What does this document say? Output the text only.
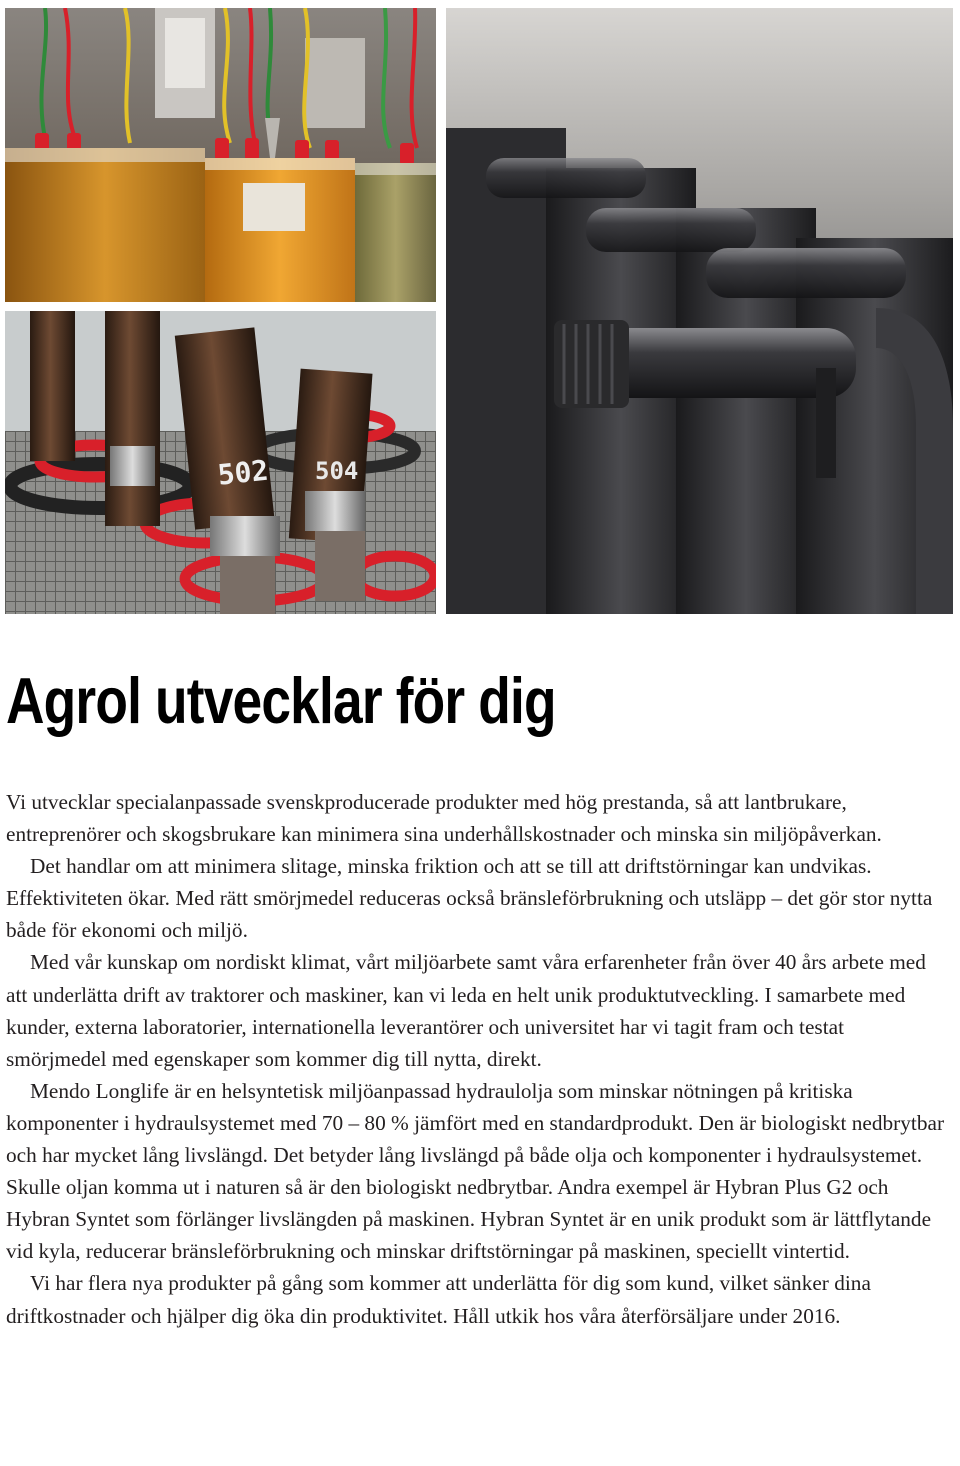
502 504
Agrol utvecklar för dig

Vi utvecklar specialanpassade svenskproducerade produkter med hög prestanda, så att lantbrukare, entreprenörer och skogsbrukare kan minimera sina underhållskostnader och minska sin miljöpåverkan.

Det handlar om att minimera slitage, minska friktion och att se till att driftstörningar kan undvikas. Effektiviteten ökar. Med rätt smörjmedel reduceras också bränsleförbrukning och utsläpp – det gör stor nytta både för ekonomi och miljö.

Med vår kunskap om nordiskt klimat, vårt miljöarbete samt våra erfarenheter från över 40 års arbete med att underlätta drift av traktorer och maskiner, kan vi leda en helt unik produktutveckling. I samarbete med kunder, externa laboratorier, internationella leverantörer och universitet har vi tagit fram och testat smörjmedel med egenskaper som kommer dig till nytta, direkt.

Mendo Longlife är en helsyntetisk miljöanpassad hydraulolja som minskar nötningen på kritiska komponenter i hydraulsystemet med 70 – 80 % jämfört med en standardprodukt. Den är biologiskt nedbrytbar och har mycket lång livslängd. Det betyder lång livslängd på både olja och komponenter i hydraulsystemet. Skulle oljan komma ut i naturen så är den biologiskt nedbrytbar. Andra exempel är Hybran Plus G2 och Hybran Syntet som förlänger livslängden på maskinen. Hybran Syntet är en unik produkt som är lättflytande vid kyla, reducerar bränsleförbrukning och minskar driftstörningar på maskinen, speciellt vintertid.

Vi har flera nya produkter på gång som kommer att underlätta för dig som kund, vilket sänker dina driftkostnader och hjälper dig öka din produktivitet. Håll utkik hos våra återförsäljare under 2016.
